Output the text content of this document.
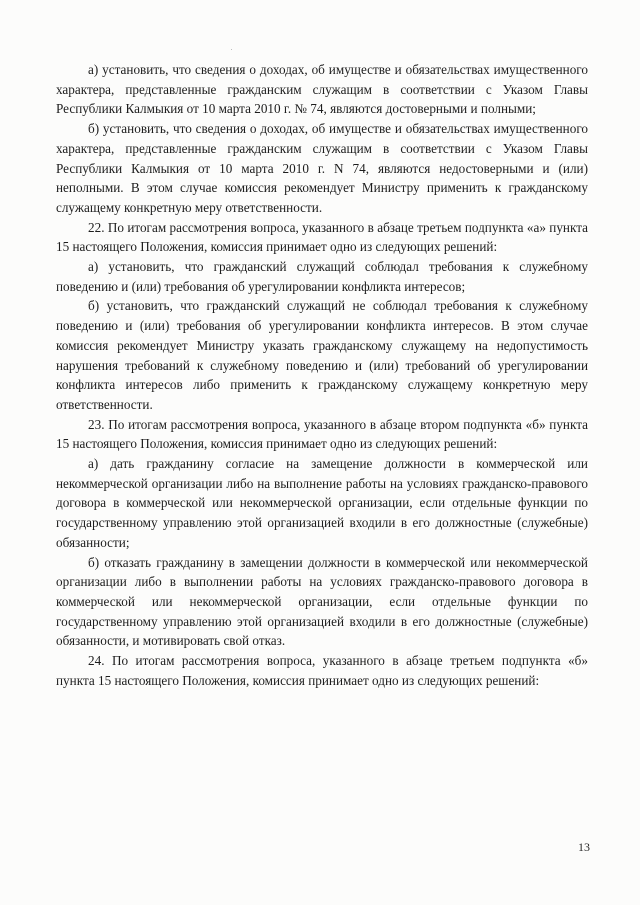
а) установить, что сведения о доходах, об имуществе и обязательствах имущественного характера, представленные гражданским служащим в соответствии с Указом Главы Республики Калмыкия от 10 марта 2010 г. № 74, являются достоверными и полными;

б) установить, что сведения о доходах, об имуществе и обязательствах имущественного характера, представленные гражданским служащим в соответствии с Указом Главы Республики Калмыкия от 10 марта 2010 г. N 74, являются недостоверными и (или) неполными. В этом случае комиссия рекомендует Министру применить к гражданскому служащему конкретную меру ответственности.

22. По итогам рассмотрения вопроса, указанного в абзаце третьем подпункта «а» пункта 15 настоящего Положения, комиссия принимает одно из следующих решений:

а) установить, что гражданский служащий соблюдал требования к служебному поведению и (или) требования об урегулировании конфликта интересов;

б) установить, что гражданский служащий не соблюдал требования к служебному поведению и (или) требования об урегулировании конфликта интересов. В этом случае комиссия рекомендует Министру указать гражданскому служащему на недопустимость нарушения требований к служебному поведению и (или) требований об урегулировании конфликта интересов либо применить к гражданскому служащему конкретную меру ответственности.

23. По итогам рассмотрения вопроса, указанного в абзаце втором подпункта «б» пункта 15 настоящего Положения, комиссия принимает одно из следующих решений:

а) дать гражданину согласие на замещение должности в коммерческой или некоммерческой организации либо на выполнение работы на условиях гражданско-правового договора в коммерческой или некоммерческой организации, если отдельные функции по государственному управлению этой организацией входили в его должностные (служебные) обязанности;

б) отказать гражданину в замещении должности в коммерческой или некоммерческой организации либо в выполнении работы на условиях гражданско-правового договора в коммерческой или некоммерческой организации, если отдельные функции по государственному управлению этой организацией входили в его должностные (служебные) обязанности, и мотивировать свой отказ.

24. По итогам рассмотрения вопроса, указанного в абзаце третьем подпункта «б» пункта 15 настоящего Положения, комиссия принимает одно из следующих решений:

13
